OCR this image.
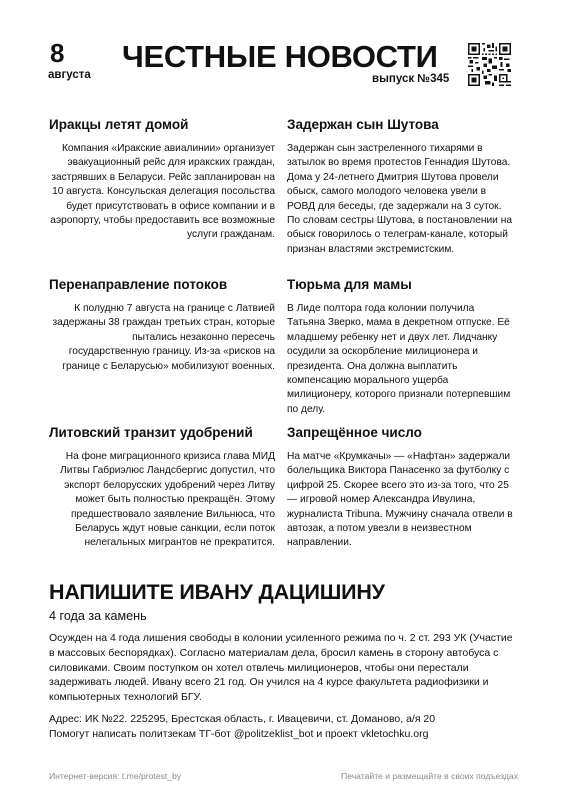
8
августа
ЧЕСТНЫЕ НОВОСТИ
выпуск №345
Иракцы летят домой

Компания «Иракские авиалинии» организует эвакуационный рейс для иракских граждан, застрявших в Беларуси. Рейс запланирован на 10 августа. Консульская делегация посольства будет присутствовать в офисе компании и в аэропорту, чтобы предоставить все возможные услуги гражданам.

Задержан сын Шутова

Задержан сын застреленного тихарями в затылок во время протестов Геннадия Шутова. Дома у 24-летнего Дмитрия Шутова провели обыск, самого молодого человека увели в РОВД для беседы, где задержали на 3 суток. По словам сестры Шутова, в постановлении на обыск говорилось о телеграм-канале, который признан властями экстремистским.

Перенаправление потоков

К полудню 7 августа на границе с Латвией задержаны 38 граждан третьих стран, которые пытались незаконно пересечь государственную границу. Из-за «рисков на границе с Беларусью» мобилизуют военных.

Тюрьма для мамы

В Лиде полтора года колонии получила Татьяна Зверко, мама в декретном отпуске. Её младшему ребенку нет и двух лет. Лидчанку осудили за оскорбление милиционера и президента. Она должна выплатить компенсацию морального ущерба милиционеру, которого признали потерпевшим по делу.

Литовский транзит удобрений

На фоне миграционного кризиса глава МИД Литвы Габриэлюс Ландсбергис допустил, что экспорт белорусских удобрений через Литву может быть полностью прекращён. Этому предшествовало заявление Вильнюса, что Беларусь ждут новые санкции, если поток нелегальных мигрантов не прекратится.

Запрещённое число

На матче «Крумкачы» — «Нафтан» задержали болельщика Виктора Панасенко за футболку с цифрой 25. Скорее всего это из-за того, что 25 — игровой номер Александра Ивулина, журналиста Tribuna. Мужчину сначала отвели в автозак, а потом увезли в неизвестном направлении.

НАПИШИТЕ ИВАНУ ДАЦИШИНУ
4 года за камень
Осужден на 4 года лишения свободы в колонии усиленного режима по ч. 2 ст. 293 УК (Участие в массовых беспорядках). Согласно материалам дела, бросил камень в сторону автобуса с силовиками. Своим поступком он хотел отвлечь милиционеров, чтобы они перестали задерживать людей. Ивану всего 21 год. Он учился на 4 курсе факультета радиофизики и компьютерных технологий БГУ.
Адрес: ИК №22. 225295, Брестская область, г. Ивацевичи, ст. Доманово, а/я 20
Помогут написать политзекам ТГ-бот @politzeklist_bot и проект vkletochku.org
Интернет-версия: t.me/protest_by	Печатайте и размещайте в своих подъездах
